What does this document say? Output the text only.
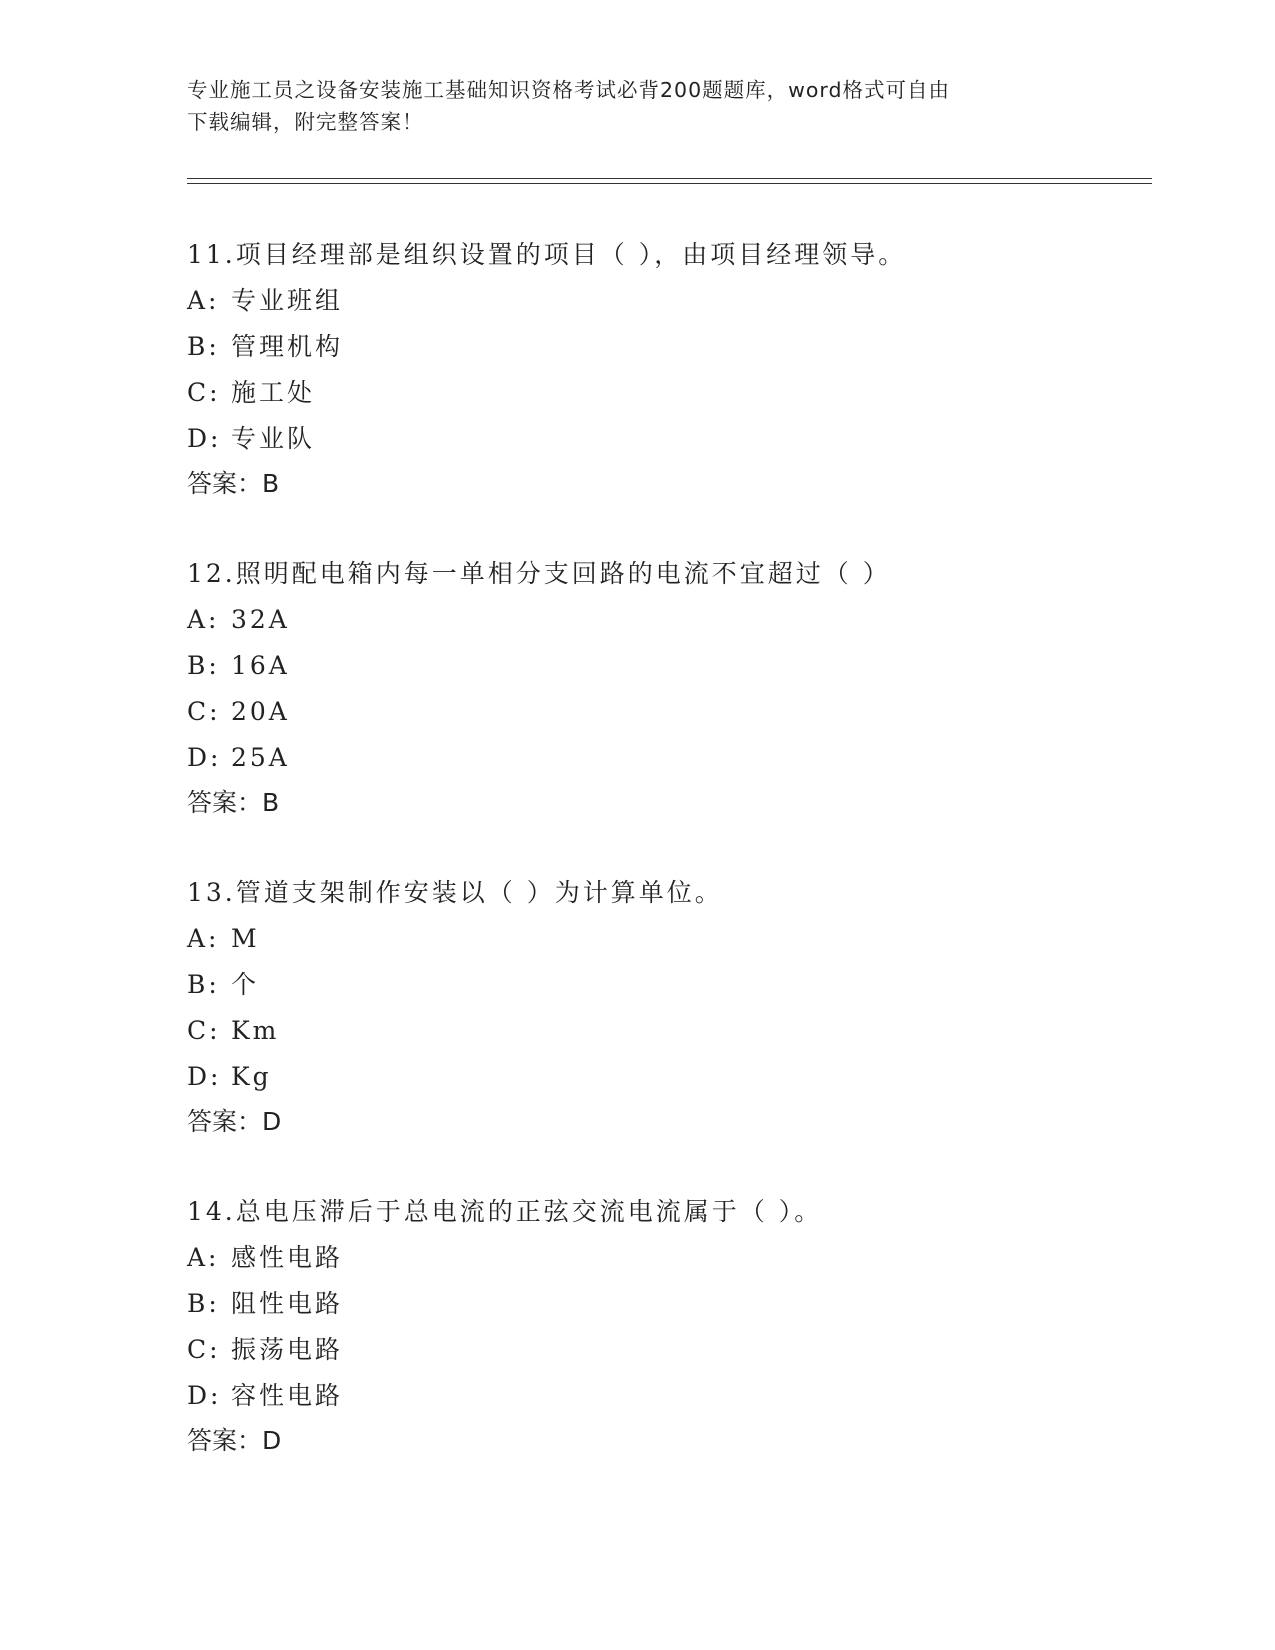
专业施工员之设备安装施工基础知识资格考试必背200题题库，word格式可自由
下载编辑，附完整答案！
11.项目经理部是组织设置的项目（ ），由项目经理领导。
A: 专业班组
B: 管理机构
C: 施工处
D: 专业队
答案：B
12.照明配电箱内每一单相分支回路的电流不宜超过（ ）
A: 32A
B: 16A
C: 20A
D: 25A
答案：B
13.管道支架制作安装以（ ）为计算单位。
A: M
B: 个
C: Km
D: Kg
答案：D
14.总电压滞后于总电流的正弦交流电流属于（ ）。
A: 感性电路
B: 阻性电路
C: 振荡电路
D: 容性电路
答案：D
